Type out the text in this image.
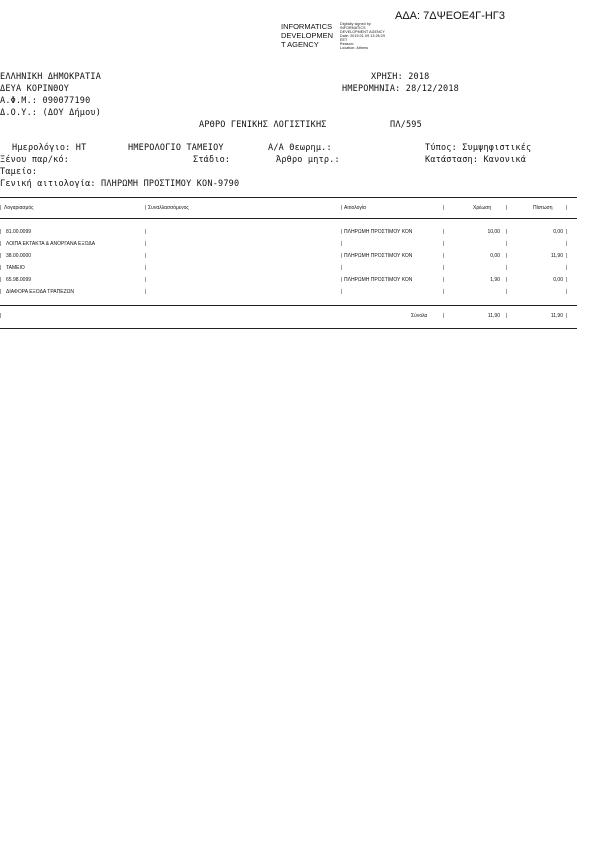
ΑΔΑ: 7ΔΨΕΟΕ4Γ-ΗΓ3
INFORMATICS
DEVELOPMEN
T AGENCY
Digitally signed by
INFORMATICS
DEVELOPMENT AGENCY
Date: 2019.01.09 13:26:29
EET
Reason:
Location: Athens
ΕΛΛΗΝΙΚΗ ΔΗΜΟΚΡΑΤΙΑ
ΔΕΥΑ ΚΟΡΙΝΘΟΥ
Α.Φ.Μ.: 090077190
Δ.Ο.Υ.: (ΔΟΥ Δήμου)
ΧΡΗΣΗ: 2018
ΗΜΕΡΟΜΗΝΙΑ: 28/12/2018
ΑΡΘΡΟ ΓΕΝΙΚΗΣ ΛΟΓΙΣΤΙΚΗΣ	ΠΛ/595
Ημερολόγιο: ΗΤ	ΗΜΕΡΟΛΟΓΙΟ ΤΑΜΕΙΟΥ	Α/Α Θεωρημ.:	Τύπος: Συμψηφιστικές
Ξένου παρ/κό:	Στάδιο:	Άρθρο μητρ.:	Κατάσταση: Κανονικά
Ταμείο:
Γενική αιτιολογία: ΠΛΗΡΩΜΗ ΠΡΟΣΤΙΜΟΥ ΚΟΝ-9790
| Λογαριασμός	| Συναλλασσόμενος	| Αιτιολογία	|	Χρέωση	|	Πίστωση	|
| 81.00.0099	|	| ΠΛΗΡΩΜΗ ΠΡΟΣΤΙΜΟΥ ΚΟΝ	|	10,00 |	0,00 |
| ΛΟΙΠΑ ΕΚΤΑΚΤΑ & ΑΝΟΡΓΑΝΑ ΕΞΟΔΑ	|	|	|	|	|
| 38.00.0000	|	| ΠΛΗΡΩΜΗ ΠΡΟΣΤΙΜΟΥ ΚΟΝ	|	0,00 |	11,90 |
| ΤΑΜΕΙΟ	|	|	|	|	|
| 65.98.0099	|	| ΠΛΗΡΩΜΗ ΠΡΟΣΤΙΜΟΥ ΚΟΝ	|	1,90 |	0,00 |
| ΔΙΑΦΟΡΑ ΕΞΟΔΑ ΤΡΑΠΕΖΩΝ	|	|	|	|	|
|	Σύνολα	|	11,90 |	11,90 |
